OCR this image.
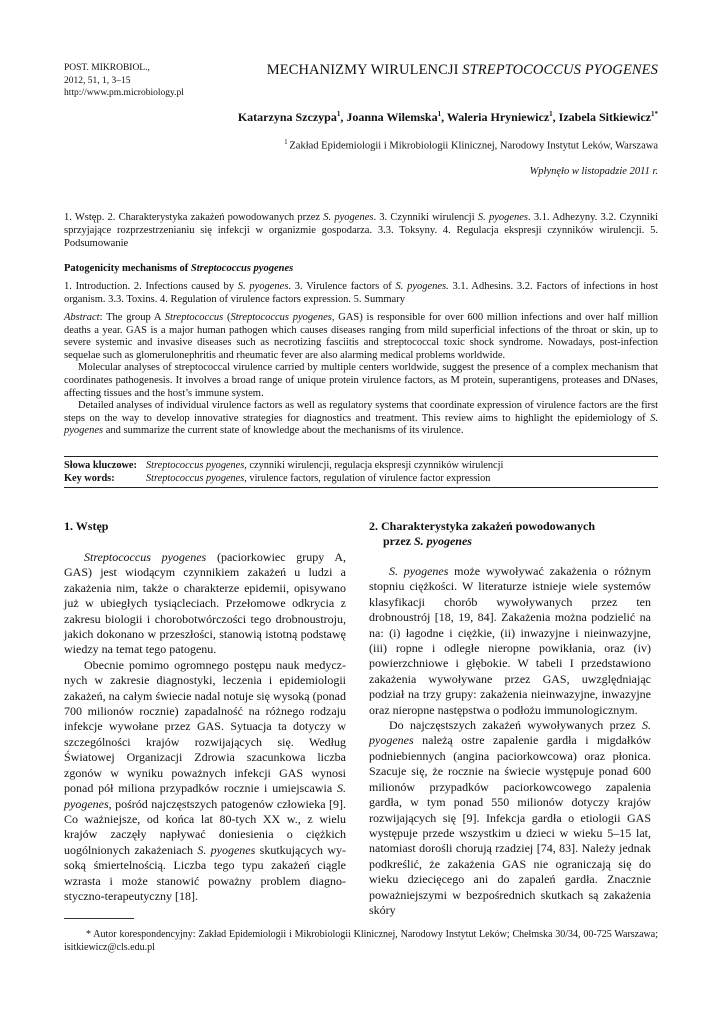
POST. MIKROBIOL.,
2012, 51, 1, 3–15
http://www.pm.microbiology.pl
MECHANIZMY WIRULENCJI STREPTOCOCCUS PYOGENES
Katarzyna Szczypa$^1$, Joanna Wilemska$^1$, Waleria Hryniewicz$^1$, Izabela Sitkiewicz$^{1*}$
$^1$ Zakład Epidemiologii i Mikrobiologii Klinicznej, Narodowy Instytut Leków, Warszawa
Wpłynęło w listopadzie 2011 r.
1. Wstęp. 2. Charakterystyka zakażeń powodowanych przez S. pyogenes. 3. Czynniki wirulencji S. pyogenes. 3.1. Adhezyny. 3.2. Czynniki sprzyjające rozprzestrzenianiu się infekcji w organizmie gospodarza. 3.3. Toksyny. 4. Regulacja ekspresji czynników wirulencji. 5. Podsumowanie
Patogenicity mechanisms of Streptococcus pyogenes
1. Introduction. 2. Infections caused by S. pyogenes. 3. Virulence factors of S. pyogenes. 3.1. Adhesins. 3.2. Factors of infections in host organism. 3.3. Toxins. 4. Regulation of virulence factors expression. 5. Summary

Abstract: The group A Streptococcus (Streptococcus pyogenes, GAS) is responsible for over 600 million infections and over half million deaths a year. GAS is a major human pathogen which causes diseases ranging from mild superficial infections of the throat or skin, up to severe systemic and invasive diseases such as necrotizing fasciitis and streptococcal toxic shock syndrome. Nowadays, post-infection sequelae such as glomerulonephritis and rheumatic fever are also alarming medical problems worldwide.

Molecular analyses of streptococcal virulence carried by multiple centers worldwide, suggest the presence of a complex mechanism that coordinates pathogenesis. It involves a broad range of unique protein virulence factors, as M protein, superantigens, proteases and DNases, affecting tissues and the host’s immune system.

Detailed analyses of individual virulence factors as well as regulatory systems that coordinate expression of virulence factors are the first steps on the way to develop innovative strategies for diagnostics and treatment. This review aims to highlight the epidemiology of S. pyogenes and summarize the current state of knowledge about the mechanisms of its virulence.

Słowa kluczowe: Streptococcus pyogenes, czynniki wirulencji, regulacja ekspresji czynników wirulencji
Key words:	Streptococcus pyogenes, virulence factors, regulation of virulence factor expression
1. Wstęp

Streptococcus pyogenes (paciorkowiec grupy A, GAS) jest wiodącym czynnikiem zakażeń u ludzi a zakażenia nim, także o charakterze epidemii, opisywano już w ubiegłych tysiącleciach. Przełomowe odkrycia z zakresu biologii i chorobotwórczości tego drobnoustroju, jakich dokonano w przeszłości, stanowią istotną podstawę wiedzy na temat tego patogenu.

Obecnie pomimo ogromnego postępu nauk medycznych w zakresie diagnostyki, leczenia i epidemiologii zakażeń, na całym świecie nadal notuje się wysoką (ponad 700 milionów rocznie) zapadalność na różnego rodzaju infekcje wywołane przez GAS. Sytuacja ta dotyczy w szczególności krajów rozwijających się. Według Światowej Organizacji Zdrowia szacunkowa liczba zgonów w wyniku poważnych infekcji GAS wynosi ponad pół miliona przypadków rocznie i umiejscawia S. pyogenes, pośród najczęstszych patogenów człowieka [9]. Co ważniejsze, od końca lat 80-tych XX w., z wielu krajów zaczęły napływać doniesienia o ciężkich uogólnionych zakażeniach S. pyogenes skutkujących wysoką śmiertelnością. Liczba tego typu zakażeń ciągle wzrasta i może stanowić poważny problem diagnostyczno-terapeutyczny [18].

2. Charakterystyka zakażeń powodowanych
przez S. pyogenes

S. pyogenes może wywoływać zakażenia o różnym stopniu ciężkości. W literaturze istnieje wiele systemów klasyfikacji chorób wywoływanych przez ten drobnoustrój [18, 19, 84]. Zakażenia można podzielić na na: (i) łagodne i ciężkie, (ii) inwazyjne i nieinwazyjne, (iii) ropne i odległe nieropne powikłania, oraz (iv) powierzchniowe i głębokie. W tabeli I przedstawiono zakażenia wywoływane przez GAS, uwzględniając podział na trzy grupy: zakażenia nieinwazyjne, inwazyjne oraz nieropne następstwa o podłożu immunologicznym.

Do najczęstszych zakażeń wywoływanych przez S. pyogenes należą ostre zapalenie gardła i migdałków podniebiennych (angina paciorkowcowa) oraz płonica. Szacuje się, że rocznie na świecie występuje ponad 600 milionów przypadków paciorkowcowego zapalenia gardła, w tym ponad 550 milionów dotyczy krajów rozwijających się [9]. Infekcja gardła o etiologii GAS występuje przede wszystkim u dzieci w wieku 5–15 lat, natomiast dorośli chorują rzadziej [74, 83]. Należy jednak podkreślić, że zakażenia GAS nie ograniczają się do wieku dziecięcego ani do zapaleń gardła. Znacznie poważniejszymi w bezpośrednich skutkach są zakażenia skóry

* Autor korespondencyjny: Zakład Epidemiologii i Mikrobiologii Klinicznej, Narodowy Instytut Leków; Chełmska 30/34, 00-725 Warszawa; isitkiewicz@cls.edu.pl
